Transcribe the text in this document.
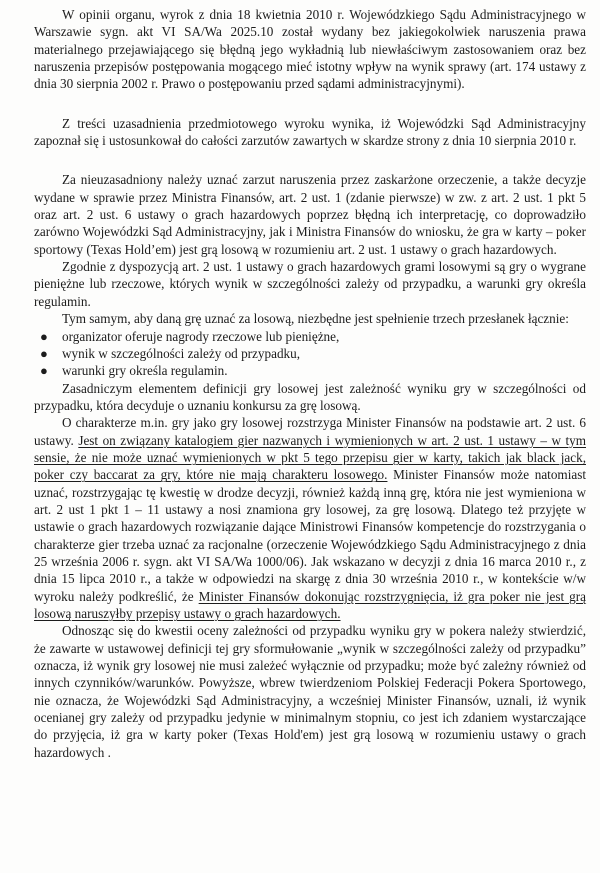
W opinii organu, wyrok z dnia 18 kwietnia 2010 r. Wojewódzkiego Sądu Administracyjnego w Warszawie sygn. akt VI SA/Wa 2025.10 został wydany bez jakiegokolwiek naruszenia prawa materialnego przejawiającego się błędną jego wykładnią lub niewłaściwym zastosowaniem oraz bez naruszenia przepisów postępowania mogącego mieć istotny wpływ na wynik sprawy (art. 174 ustawy z dnia 30 sierpnia 2002 r. Prawo o postępowaniu przed sądami administracyjnymi).

Z treści uzasadnienia przedmiotowego wyroku wynika, iż Wojewódzki Sąd Administracyjny zapoznał się i ustosunkował do całości zarzutów zawartych w skardze strony z dnia 10 sierpnia 2010 r.

Za nieuzasadniony należy uznać zarzut naruszenia przez zaskarżone orzeczenie, a także decyzje wydane w sprawie przez Ministra Finansów, art. 2 ust. 1 (zdanie pierwsze) w zw. z art. 2 ust. 1 pkt 5 oraz art. 2 ust. 6 ustawy o grach hazardowych poprzez błędną ich interpretację, co doprowadziło zarówno Wojewódzki Sąd Administracyjny, jak i Ministra Finansów do wniosku, że gra w karty – poker sportowy (Texas Hold’em) jest grą losową w rozumieniu art. 2 ust. 1 ustawy o grach hazardowych.

Zgodnie z dyspozycją art. 2 ust. 1 ustawy o grach hazardowych grami losowymi są gry o wygrane pieniężne lub rzeczowe, których wynik w szczególności zależy od przypadku, a warunki gry określa regulamin.

Tym samym, aby daną grę uznać za losową, niezbędne jest spełnienie trzech przesłanek łącznie:

● organizator oferuje nagrody rzeczowe lub pieniężne,
● wynik w szczególności zależy od przypadku,
● warunki gry określa regulamin.

Zasadniczym elementem definicji gry losowej jest zależność wyniku gry w szczególności od przypadku, która decyduje o uznaniu konkursu za grę losową.

O charakterze m.in. gry jako gry losowej rozstrzyga Minister Finansów na podstawie art. 2 ust. 6 ustawy. Jest on związany katalogiem gier nazwanych i wymienionych w art. 2 ust. 1 ustawy – w tym sensie, że nie może uznać wymienionych w pkt 5 tego przepisu gier w karty, takich jak black jack, poker czy baccarat za gry, które nie mają charakteru losowego. Minister Finansów może natomiast uznać, rozstrzygając tę kwestię w drodze decyzji, również każdą inną grę, która nie jest wymieniona w art. 2 ust 1 pkt 1 – 11 ustawy a nosi znamiona gry losowej, za grę losową. Dlatego też przyjęte w ustawie o grach hazardowych rozwiązanie dające Ministrowi Finansów kompetencje do rozstrzygania o charakterze gier trzeba uznać za racjonalne (orzeczenie Wojewódzkiego Sądu Administracyjnego z dnia 25 września 2006 r. sygn. akt VI SA/Wa 1000/06). Jak wskazano w decyzji z dnia 16 marca 2010 r., z dnia 15 lipca 2010 r., a także w odpowiedzi na skargę z dnia 30 września 2010 r., w kontekście w/w wyroku należy podkreślić, że Minister Finansów dokonując rozstrzygnięcia, iż gra poker nie jest grą losową naruszyłby przepisy ustawy o grach hazardowych.

Odnosząc się do kwestii oceny zależności od przypadku wyniku gry w pokera należy stwierdzić, że zawarte w ustawowej definicji tej gry sformułowanie „wynik w szczególności zależy od przypadku” oznacza, iż wynik gry losowej nie musi zależeć wyłącznie od przypadku; może być zależny również od innych czynników/warunków. Powyższe, wbrew twierdzeniom Polskiej Federacji Pokera Sportowego, nie oznacza, że Wojewódzki Sąd Administracyjny, a wcześniej Minister Finansów, uznali, iż wynik ocenianej gry zależy od przypadku jedynie w minimalnym stopniu, co jest ich zdaniem wystarczające do przyjęcia, iż gra w karty poker (Texas Hold'em) jest grą losową w rozumieniu ustawy o grach hazardowych .
